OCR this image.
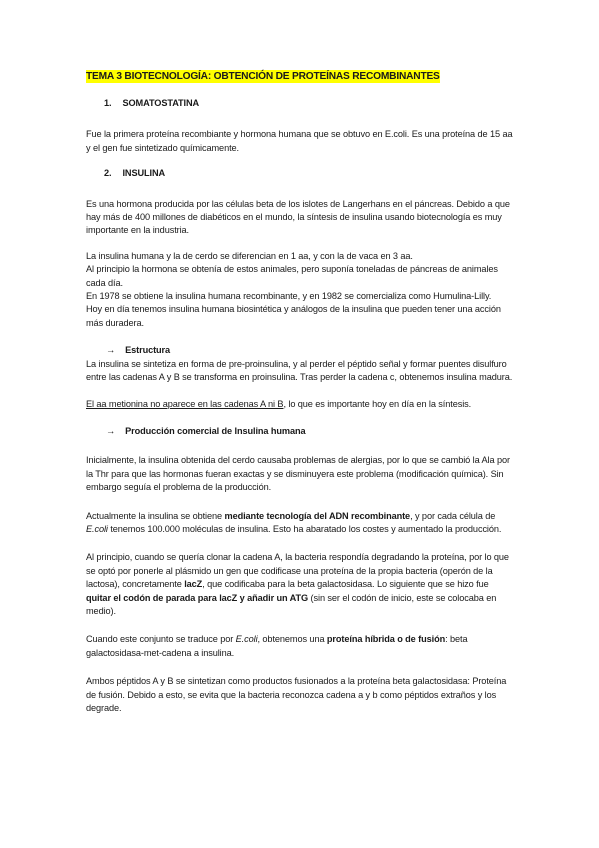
TEMA 3 BIOTECNOLOGÍA: OBTENCIÓN DE PROTEÍNAS RECOMBINANTES
1. SOMATOSTATINA

Fue la primera proteína recombiante y hormona humana que se obtuvo en E.coli. Es una proteína de 15 aa y el gen fue sintetizado químicamente.

2. INSULINA

Es una hormona producida por las células beta de los islotes de Langerhans en el páncreas. Debido a que hay más de 400 millones de diabéticos en el mundo, la síntesis de insulina usando biotecnología es muy importante en la industria.

La insulina humana y la de cerdo se diferencian en 1 aa, y con la de vaca en 3 aa.
Al principio la hormona se obtenía de estos animales, pero suponía toneladas de páncreas de animales cada día.
En 1978 se obtiene la insulina humana recombinante, y en 1982 se comercializa como Humulina-Lilly.
Hoy en día tenemos insulina humana biosintética y análogos de la insulina que pueden tener una acción más duradera.
→ Estructura

La insulina se sintetiza en forma de pre-proinsulina, y al perder el péptido señal y formar puentes disulfuro entre las cadenas A y B se transforma en proinsulina. Tras perder la cadena c, obtenemos insulina madura.

El aa metionina no aparece en las cadenas A ni B, lo que es importante hoy en día en la síntesis.

→ Producción comercial de Insulina humana

Inicialmente, la insulina obtenida del cerdo causaba problemas de alergias, por lo que se cambió la Ala por la Thr para que las hormonas fueran exactas y se disminuyera este problema (modificación química). Sin embargo seguía el problema de la producción.

Actualmente la insulina se obtiene mediante tecnología del ADN recombinante, y por cada célula de E.coli tenemos 100.000 moléculas de insulina. Esto ha abaratado los costes y aumentado la producción.

Al principio, cuando se quería clonar la cadena A, la bacteria respondía degradando la proteína, por lo que se optó por ponerle al plásmido un gen que codificase una proteína de la propia bacteria (operón de la lactosa), concretamente lacZ, que codificaba para la beta galactosidasa. Lo siguiente que se hizo fue quitar el codón de parada para lacZ y añadir un ATG (sin ser el codón de inicio, este se colocaba en medio).

Cuando este conjunto se traduce por E.coli, obtenemos una proteína híbrida o de fusión: beta galactosidasa-met-cadena a insulina.

Ambos péptidos A y B se sintetizan como productos fusionados a la proteína beta galactosidasa: Proteína de fusión. Debido a esto, se evita que la bacteria reconozca cadena a y b como péptidos extraños y los degrade.
